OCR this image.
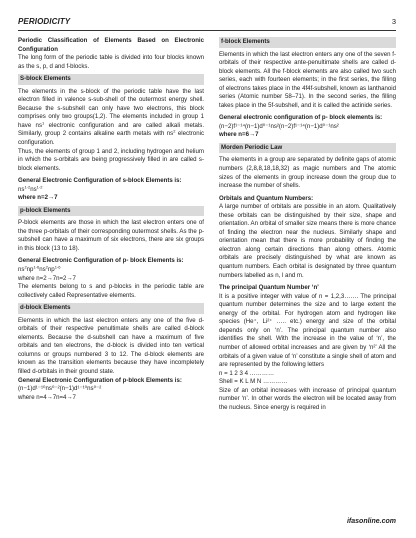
PERIODICITY	3

Periodic Classification of Elements Based on Electronic Configuration

The long form of the periodic table is divided into four blocks known as the s, p, d and f-blocks.

S-block Elements

The elements in the s-block of the periodic table have the last electron filled in valence s-sub-shell of the outermost energy shell. Because the s-subshell can only have two electrons, this block comprises only two groups(1,2). The elements included in group 1 have $ns^1$ electronic configuration and are called alkali metals. Similarly, group 2 contains alkaline earth metals with $ns^2$ electronic configuration.

Thus, the elements of group 1 and 2, including hydrogen and helium in which the s-orbitals are being progressively filled in are called s-block elements.

General Electronic Configuration of s-block Elements is:

$ns^{1-2}ns^{1-2}$

where n=2→7

p-block Elements

P-block elements are those in which the last electron enters one of the three p-orbitals of their corresponding outermost shells. As the p-subshell can have a maximum of six electrons, there are six groups in this block (13 to 18).

General Electronic Configuration of p- block Elements is:

$ns^2np^{1-6}ns^2np^{1-6}$

where n=2→7n=2→7

The elements belong to s and p-blocks in the periodic table are collectively called Representative elements.

d-block Elements

Elements in which the last electron enters any one of the five d-orbitals of their respective penultimate shells are called d-block elements. Because the d-subshell can have a maximum of five orbitals and ten electrons, the d-block is divided into ten vertical columns or groups numbered 3 to 12. The d-block elements are known as the transition elements because they have incompletely filled d-orbitals in their ground state.

General Electronic Configuration of p-block Elements is:

(n−1)d¹⁻¹⁰ns⁰⁻²(n−1)d¹⁻¹⁰ns⁰⁻²

where n=4→7n=4→7

f-block Elements

Elements in which the last electron enters any one of the seven f-orbitals of their respective ante-penultimate shells are called d-block elements. All the f-block elements are also called two such series, each with fourteen elements; in the first series, the filling of electrons takes place in the 4f4f-subshell, known as lanthanoid series (Atomic number 58–71). In the second series, the filling takes place in the 5f-subshell, and it is called the actinide series.

General electronic configuration of p- block elements is:

(n−2)f¹⁻¹⁴(n−1)d⁰⁻¹ns²(n−2)f¹⁻¹⁴(n−1)d⁰⁻¹ns²

where n=6→7

Morden Periodic Law

The elements in a group are separated by definite gaps of atomic numbers (2,8,8,18,18,32) as magic numbers and The atomic sizes of the elements in group increase down the group due to increase the number of shells.

Orbitals and Quantum Numbers:

A large number of orbitals are possible in an atom. Qualitatively these orbitals can be distinguished by their size, shape and orientation. An orbital of smaller size means there is more chance of finding the electron near the nucleus. Similarly shape and orientation mean that there is more probability of finding the electron along certain directions than along others. Atomic orbitals are precisely distinguished by what are known as quantum numbers. Each orbital is designated by three quantum numbers labelled as n, l and m.

The principal Quantum Number ‘n’

It is a positive integer with value of n = 1,2,3……. The principal quantum number determines the size and to large extent the energy of the orbital. For hydrogen atom and hydrogen like species (He⁺, Li²⁺ ….. etc.) energy and size of the orbital depends only on ‘n’. The principal quantum number also identifies the shell. With the increase in the value of ‘n’, the number of allowed orbital increases and are given by ‘n²’ All the orbitals of a given value of ‘n’ constitute a single shell of atom and are represented by the following letters

n = 1 2 3 4 …………

Shell = K L M N …………

Size of an orbital increases with increase of principal quantum number ‘n’. In other words the electron will be located away from the nucleus. Since energy is required in

ifasonline.com
